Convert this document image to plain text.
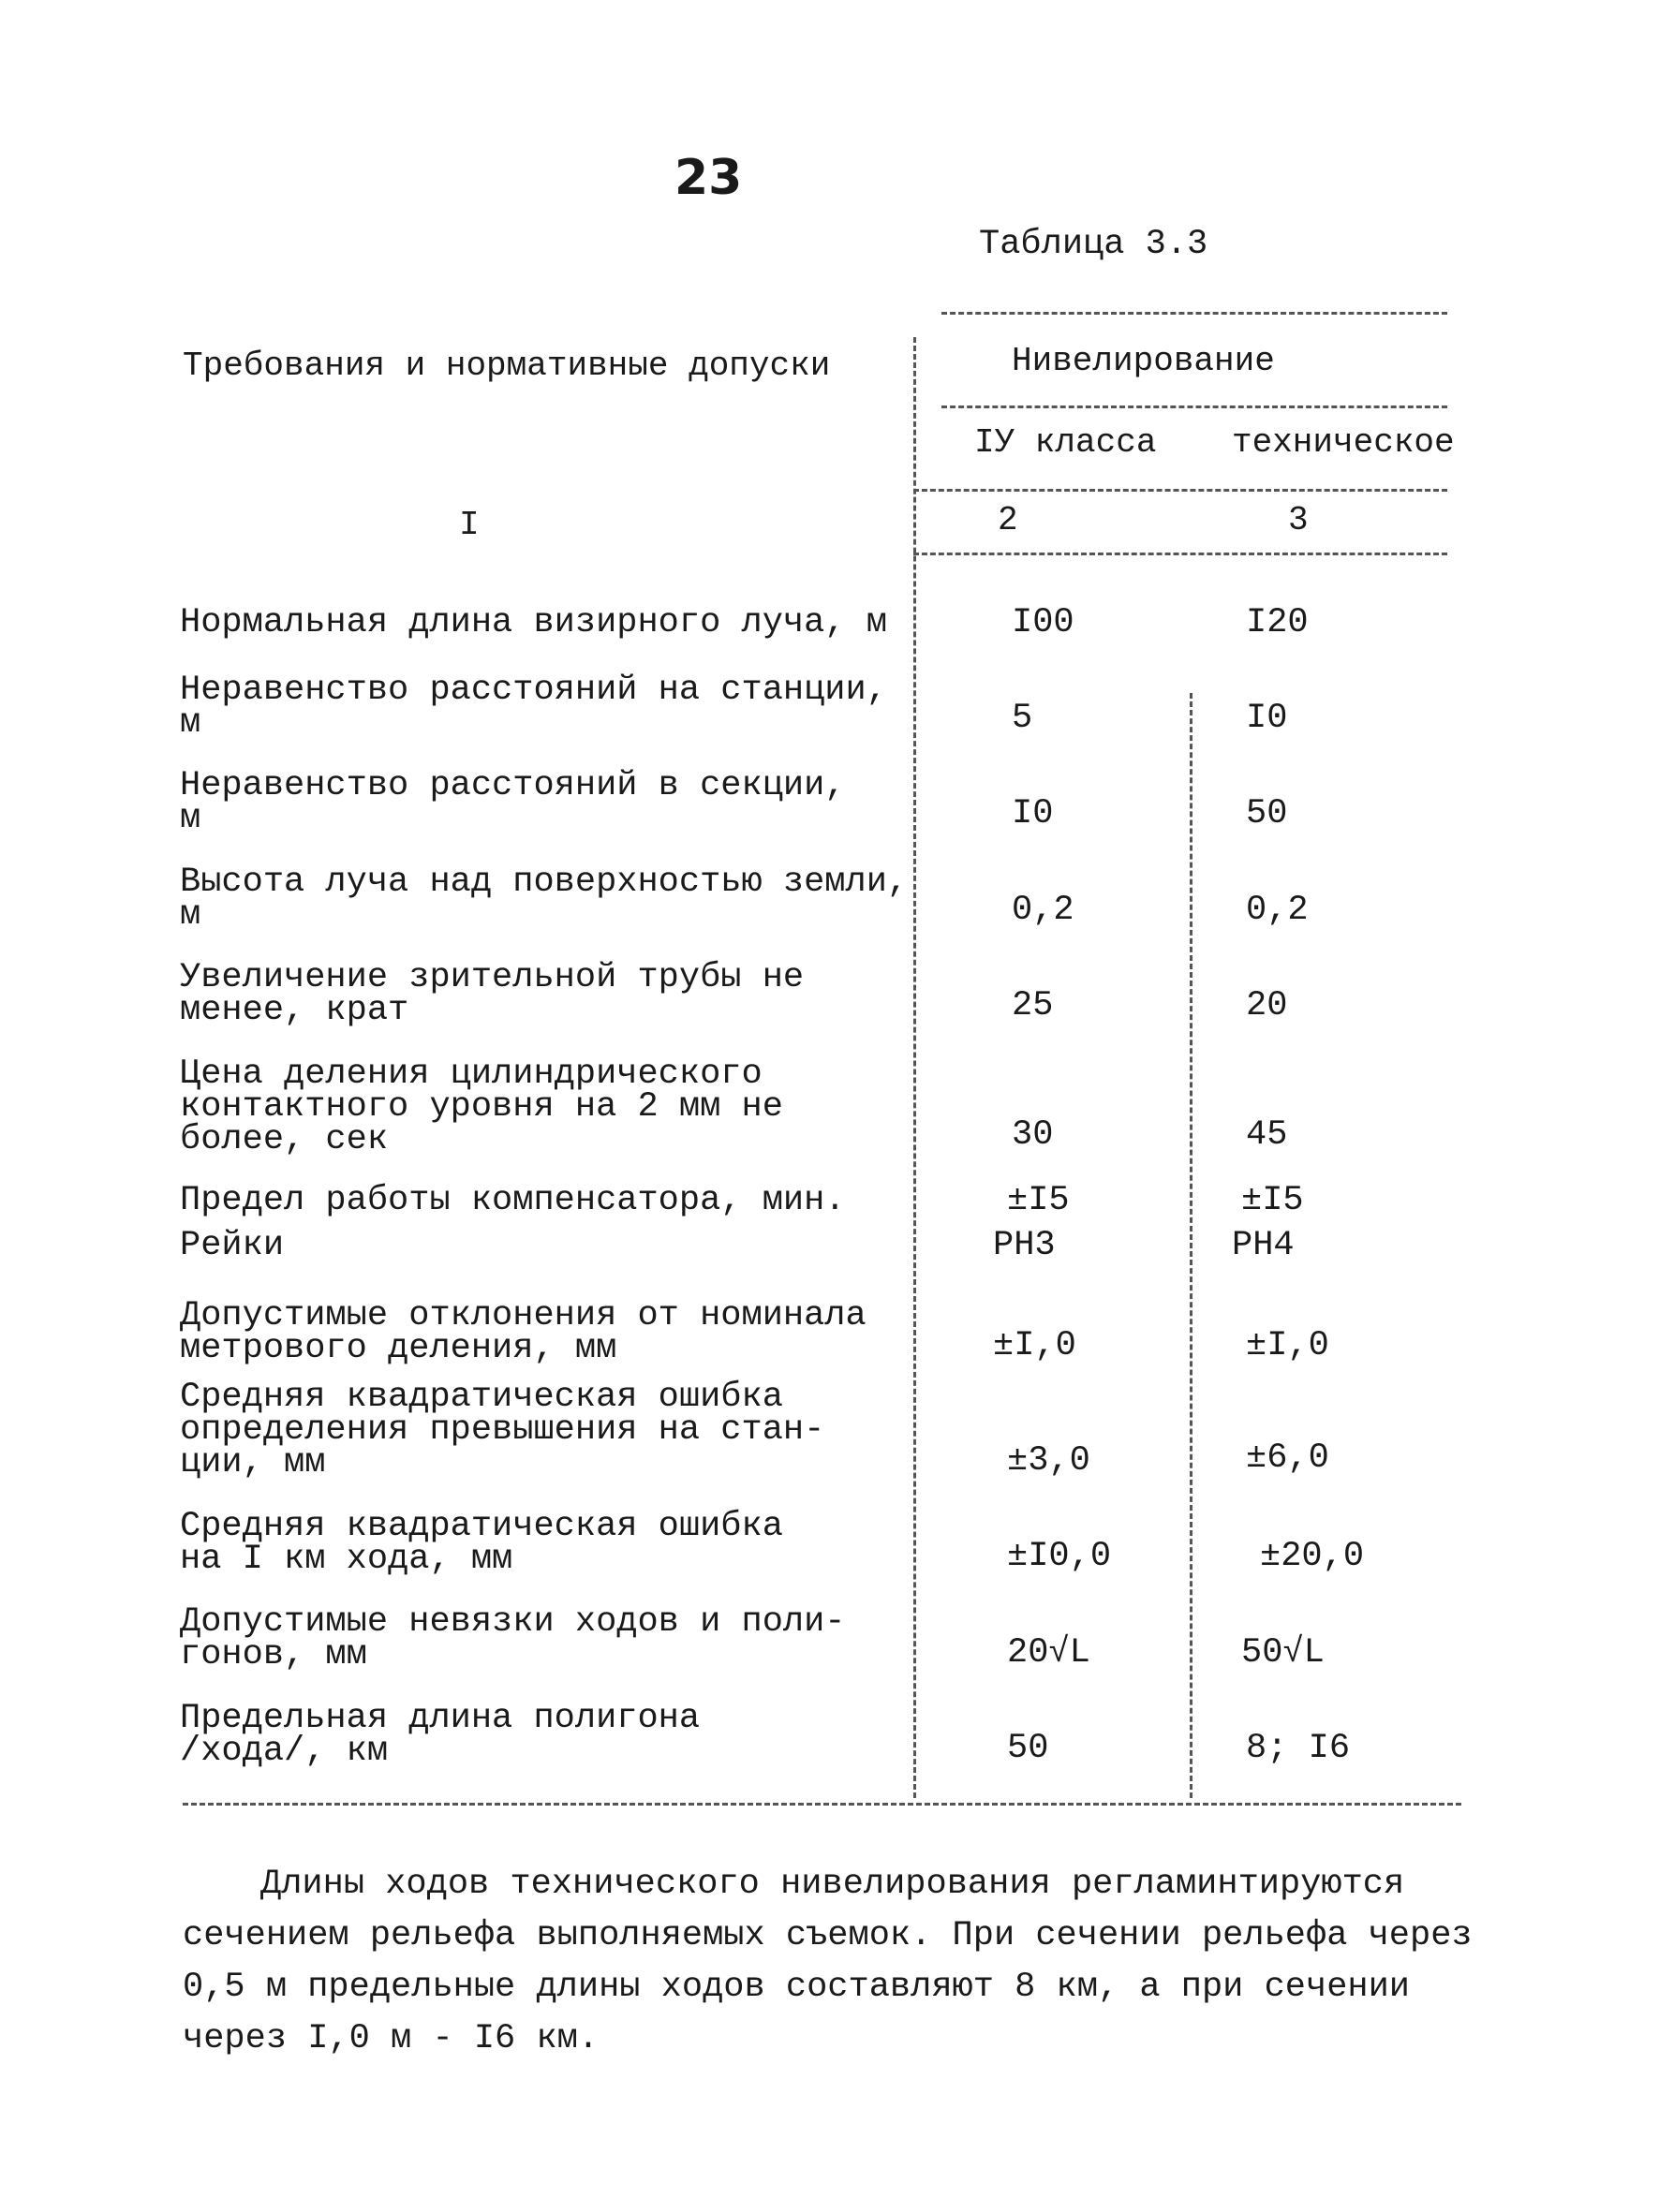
23
Таблица 3.3
Требования и нормативные допуски	Нивелирование
IУ класса техническое
I	2	3
Нормальная длина визирного луча, м	I00	I20
Неравенство расстояний на станции,
м	5	I0
Неравенство расстояний в секции,
м	I0	50
Высота луча над поверхностью земли,
м	0,2	0,2
Увеличение зрительной трубы не
менее, крат	25	20
Цена деления цилиндрического
контактного уровня на 2 мм не
более, сек	30	45
Предел работы компенсатора, мин.	±I5	±I5
Рейки	РН3	РН4
Допустимые отклонения от номинала
метрового деления, мм	±I,0	±I,0
Средняя квадратическая ошибка
определения превышения на стан-
ции, мм	±3,0	±6,0
Средняя квадратическая ошибка
на I км хода, мм	±I0,0	±20,0
Допустимые невязки ходов и поли-
гонов, мм	20√L	50√L
Предельная длина полигона
/хода/, км	50	8; I6
Длины ходов технического нивелирования регламинтируются
сечением рельефа выполняемых съемок. При сечении рельефа через
0,5 м предельные длины ходов составляют 8 км, а при сечении
через I,0 м - I6 км.
